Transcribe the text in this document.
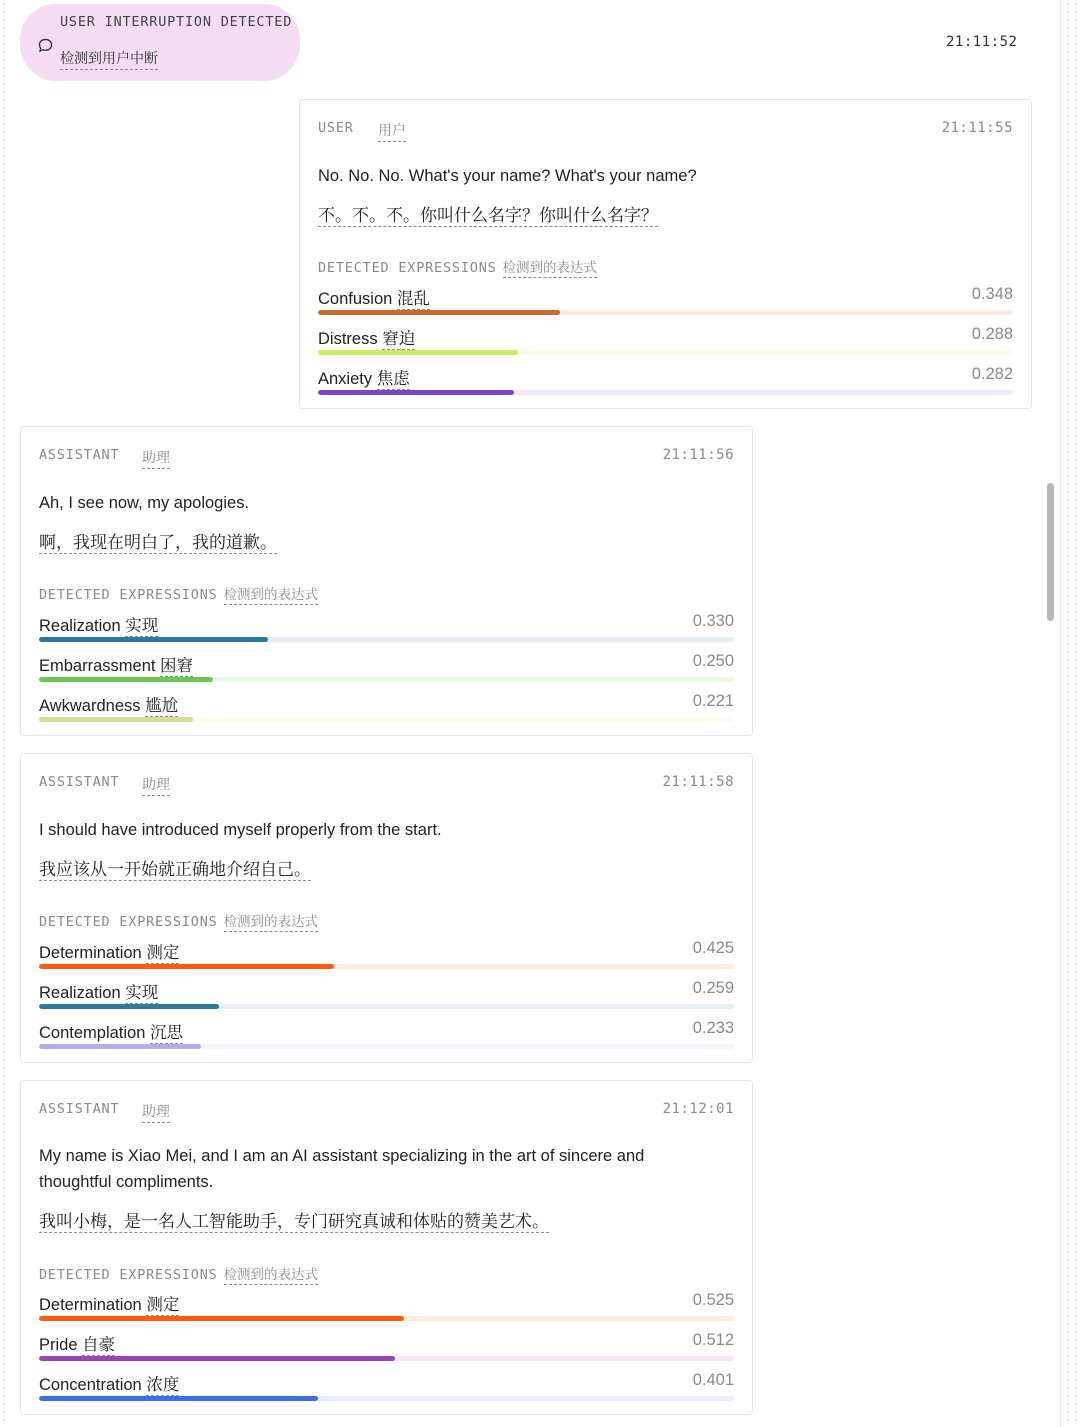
USER INTERRUPTION DETECTED
检测到用户中断
21:11:52
USER 用户	21:11:55
No. No. No. What's your name? What's your name?
不。不。不。你叫什么名字？你叫什么名字？
DETECTED EXPRESSIONS 检测到的表达式
Confusion 混乱	0.348
Distress 窘迫	0.288
Anxiety 焦虑	0.282
ASSISTANT 助理	21:11:56
Ah, I see now, my apologies.
啊，我现在明白了，我的道歉。
DETECTED EXPRESSIONS 检测到的表达式
Realization 实现	0.330
Embarrassment 困窘	0.250
Awkwardness 尴尬	0.221
ASSISTANT 助理	21:11:58
I should have introduced myself properly from the start.
我应该从一开始就正确地介绍自己。
DETECTED EXPRESSIONS 检测到的表达式
Determination 测定	0.425
Realization 实现	0.259
Contemplation 沉思	0.233
ASSISTANT 助理	21:12:01
My name is Xiao Mei, and I am an AI assistant specializing in the art of sincere and thoughtful compliments.
我叫小梅，是一名人工智能助手，专门研究真诚和体贴的赞美艺术。
DETECTED EXPRESSIONS 检测到的表达式
Determination 测定	0.525
Pride 自豪	0.512
Concentration 浓度	0.401
